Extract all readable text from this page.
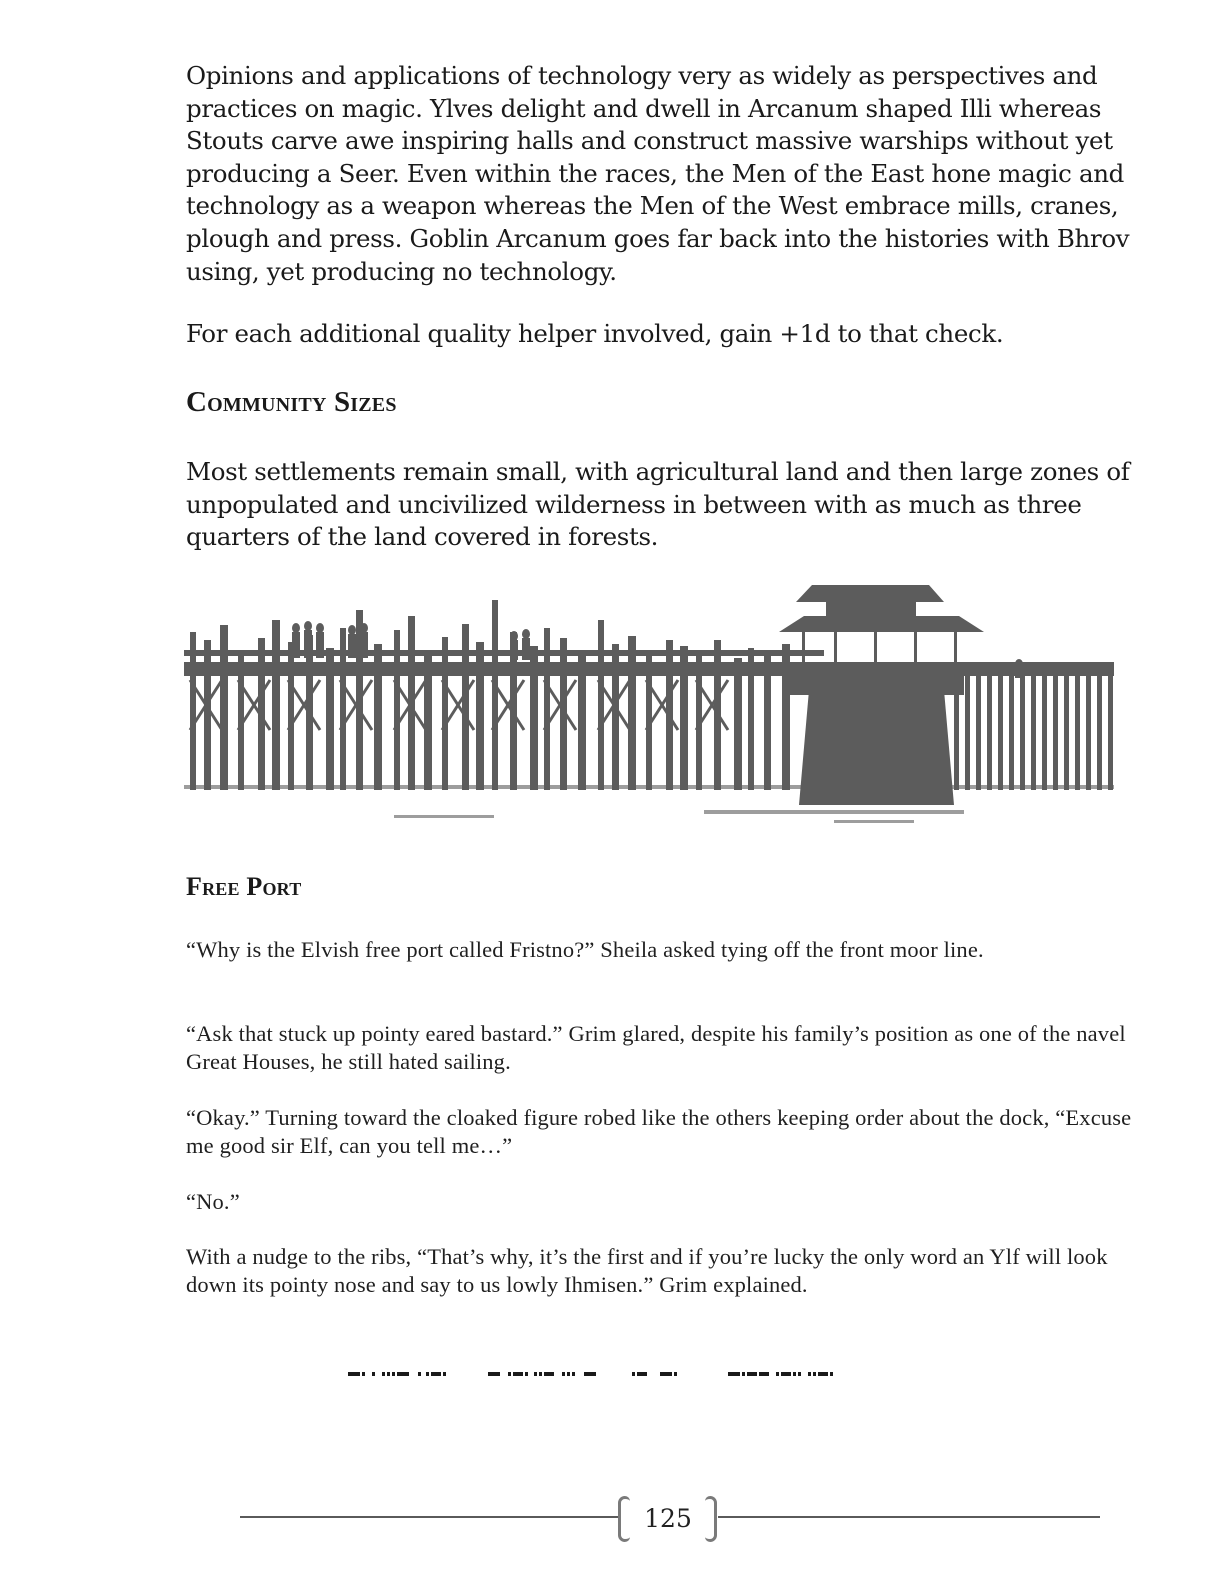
Opinions and applications of technology very as widely as perspectives and practices on magic. Ylves delight and dwell in Arcanum shaped Illi whereas Stouts carve awe inspiring halls and construct massive warships without yet producing a Seer. Even within the races, the Men of the East hone magic and technology as a weapon whereas the Men of the West embrace mills, cranes, plough and press. Goblin Arcanum goes far back into the histories with Bhrov using, yet producing no technology.

For each additional quality helper involved, gain +1d to that check.

Community Sizes

Most settlements remain small, with agricultural land and then large zones of unpopulated and uncivilized wilderness in between with as much as three quarters of the land covered in forests.

Free Port

“Why is the Elvish free port called Fristno?” Sheila asked tying off the front moor line.

“Ask that stuck up pointy eared bastard.” Grim glared, despite his family’s position as one of the navel Great Houses, he still hated sailing.

“Okay.” Turning toward the cloaked figure robed like the others keeping order about the dock, “Excuse me good sir Elf, can you tell me…”

“No.”

With a nudge to the ribs, “That’s why, it’s the first and if you’re lucky the only word an Ylf will look down its pointy nose and say to us lowly Ihmisen.” Grim explained.

125
